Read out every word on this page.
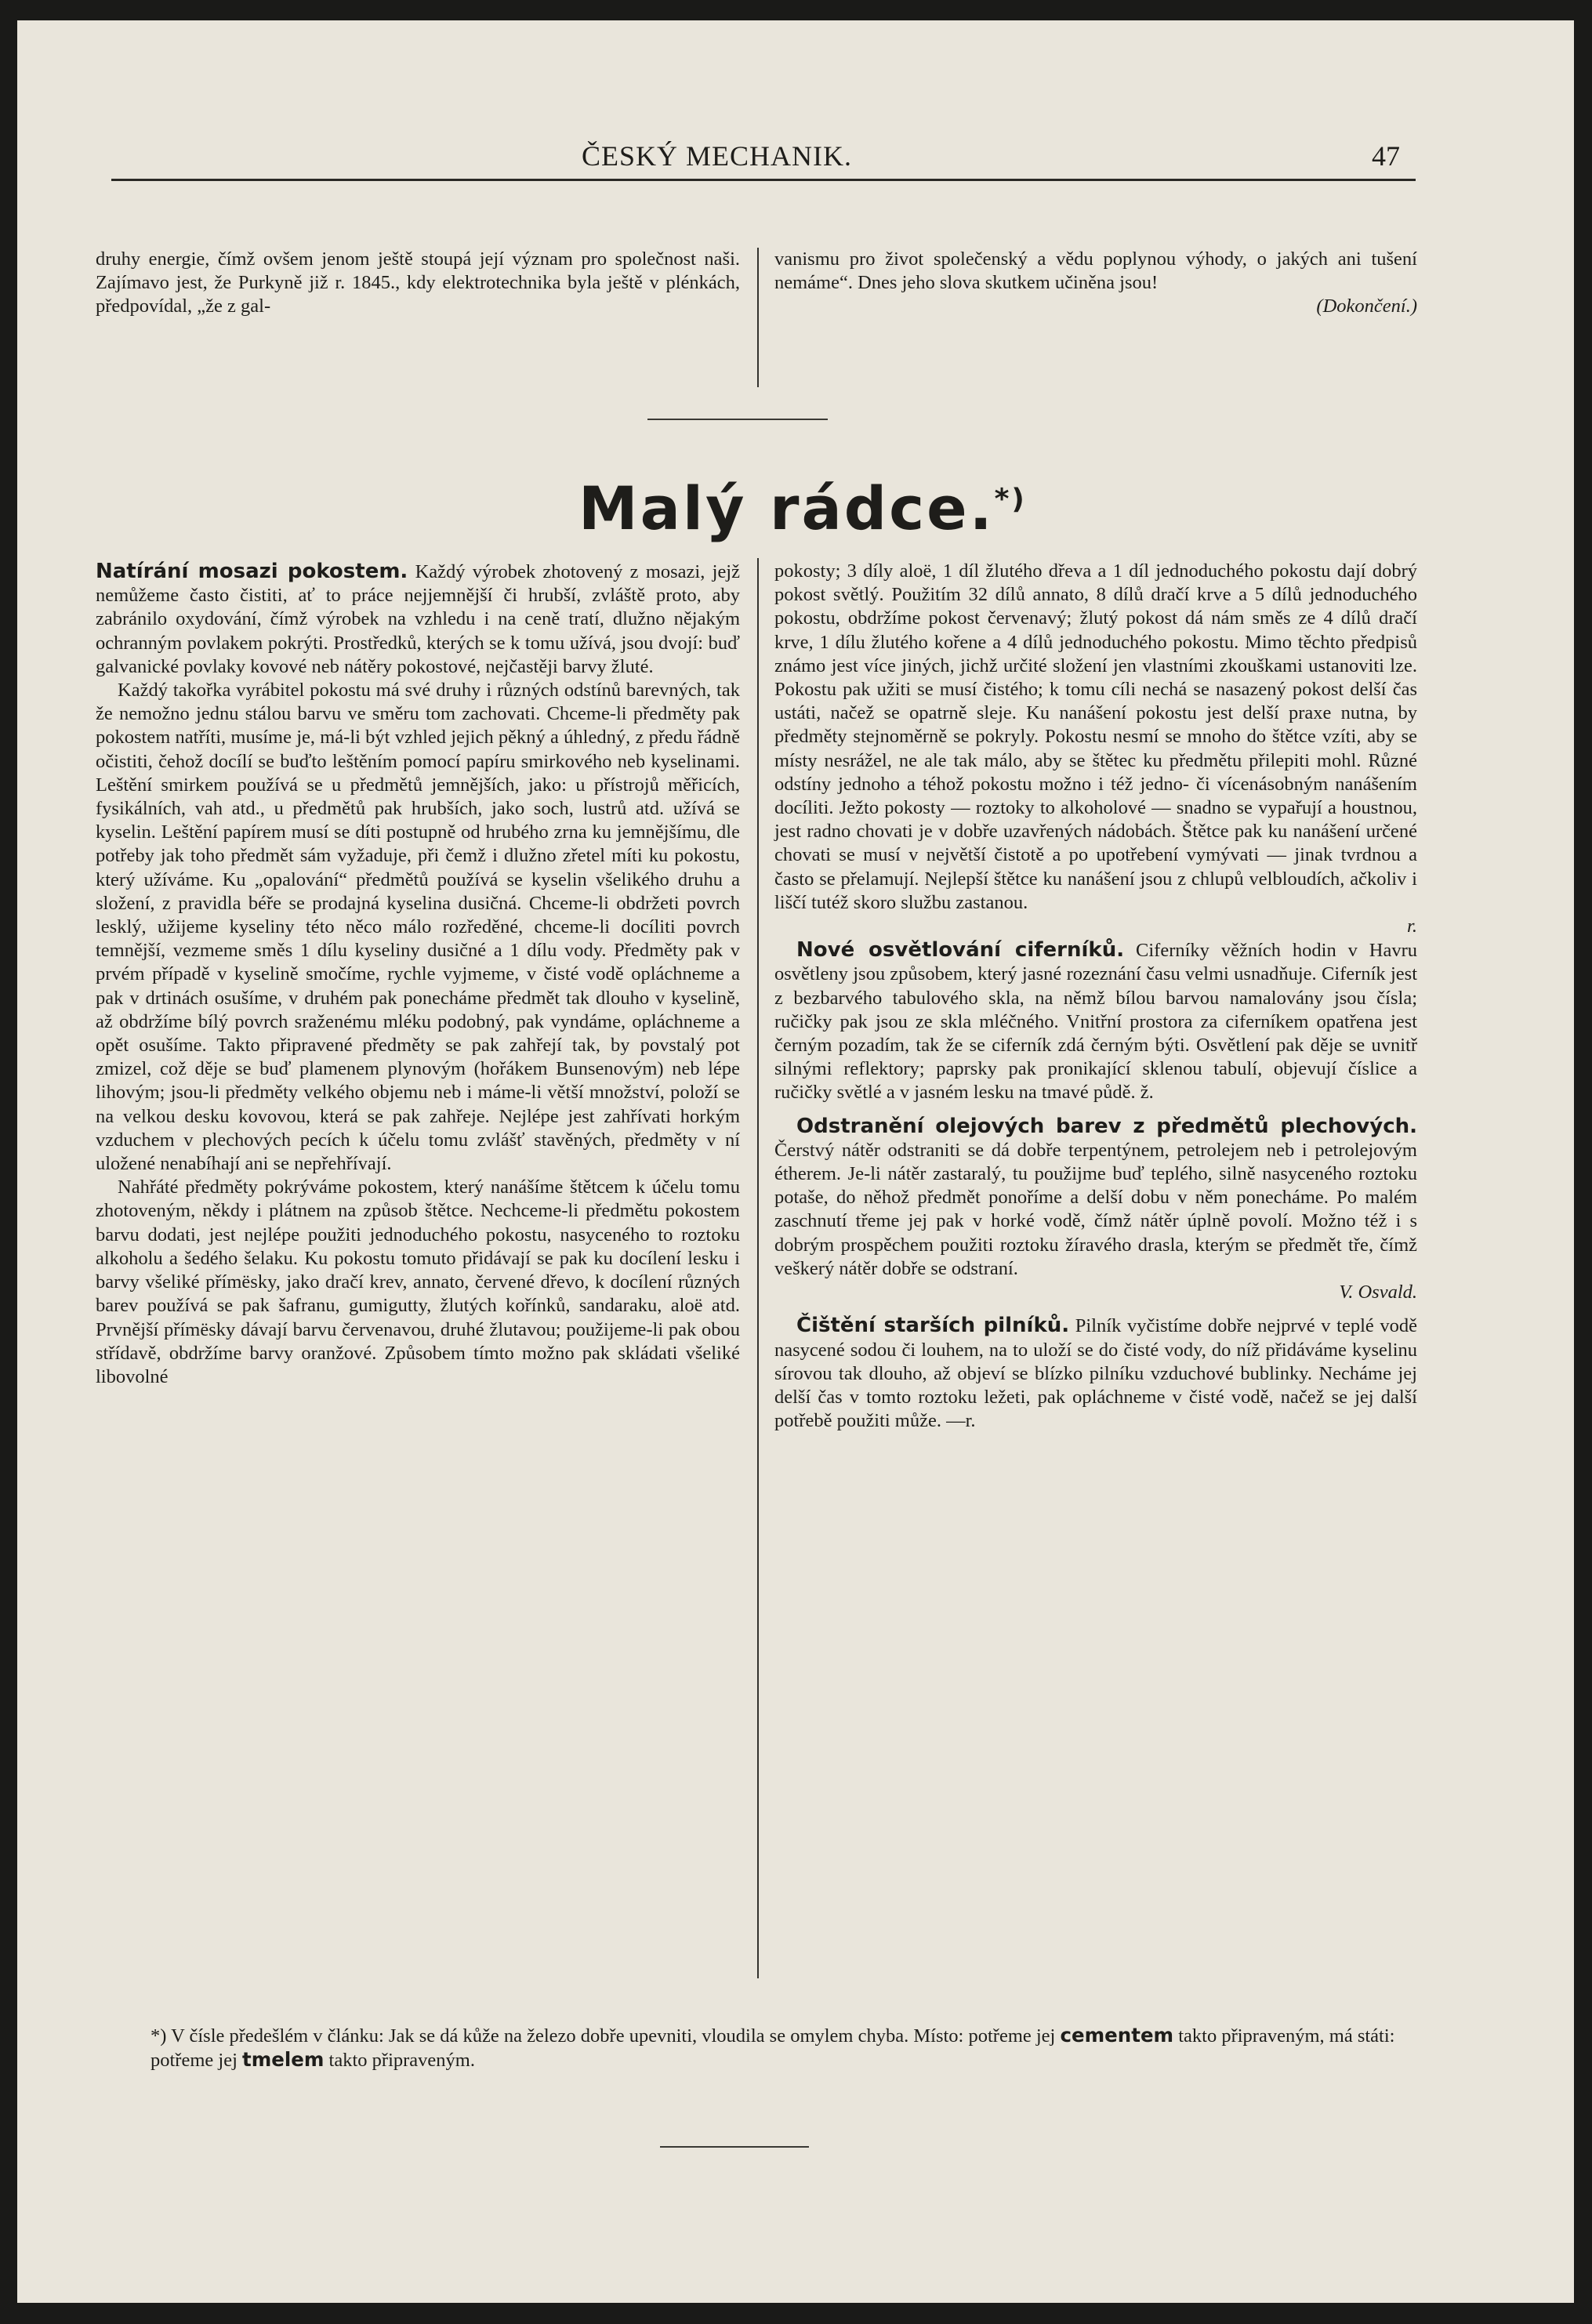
ČESKÝ MECHANIK.	47

druhy energie, čímž ovšem jenom ještě stoupá její význam pro společnost naši. Zajímavo jest, že Purkyně již r. 1845., kdy elektrotechnika byla ještě v plénkách, předpovídal, „že z gal-

vanismu pro život společenský a vědu poplynou výhody, o jakých ani tušení nemáme“. Dnes jeho slova skutkem učiněna jsou!

(Dokončení.)

Malý rádce.*)

Natírání mosazi pokostem. Každý výrobek zhotovený z mosazi, jejž nemůžeme často čistiti, ať to práce nejjemnější či hrubší, zvláště proto, aby zabránilo oxydování, čímž výrobek na vzhledu i na ceně tratí, dlužno nějakým ochranným povlakem pokrýti. Prostředků, kterých se k tomu užívá, jsou dvojí: buď galvanické povlaky kovové neb nátěry pokostové, nejčastěji barvy žluté.

Každý takořka vyrábitel pokostu má své druhy i různých odstínů barevných, tak že nemožno jednu stálou barvu ve směru tom zachovati. Chceme-li předměty pak pokostem natříti, musíme je, má-li být vzhled jejich pěkný a úhledný, z předu řádně očistiti, čehož docílí se buďto leštěním pomocí papíru smirkového neb kyselinami. Leštění smirkem používá se u předmětů jemnějších, jako: u přístrojů měřicích, fysikálních, vah atd., u předmětů pak hrubších, jako soch, lustrů atd. užívá se kyselin. Leštění papírem musí se díti postupně od hrubého zrna ku jemnějšímu, dle potřeby jak toho předmět sám vyžaduje, při čemž i dlužno zřetel míti ku pokostu, který užíváme. Ku „opalování“ předmětů používá se kyselin všelikého druhu a složení, z pravidla béře se prodajná kyselina dusičná. Chceme-li obdržeti povrch lesklý, užijeme kyseliny této něco málo rozředěné, chceme-li docíliti povrch temnější, vezmeme směs 1 dílu kyseliny dusičné a 1 dílu vody. Předměty pak v prvém případě v kyselině smočíme, rychle vyjmeme, v čisté vodě opláchneme a pak v drtinách osušíme, v druhém pak ponecháme předmět tak dlouho v kyselině, až obdržíme bílý povrch sraženému mléku podobný, pak vyndáme, opláchneme a opět osušíme. Takto připravené předměty se pak zahřejí tak, by povstalý pot zmizel, což děje se buď plamenem plynovým (hořákem Bunsenovým) neb lépe lihovým; jsou-li předměty velkého objemu neb i máme-li větší množství, položí se na velkou desku kovovou, která se pak zahřeje. Nejlépe jest zahřívati horkým vzduchem v plechových pecích k účelu tomu zvlášť stavěných, předměty v ní uložené nenabíhají ani se nepřehřívají.

Nahřáté předměty pokrýváme pokostem, který nanášíme štětcem k účelu tomu zhotoveným, někdy i plátnem na způsob štětce. Nechceme-li předmětu pokostem barvu dodati, jest nejlépe použiti jednoduchého pokostu, nasyceného to roztoku alkoholu a šedého šelaku. Ku pokostu tomuto přidávají se pak ku docílení lesku i barvy všeliké přímësky, jako dračí krev, annato, červené dřevo, k docílení různých barev používá se pak šafranu, gumigutty, žlutých kořínků, sandaraku, aloë atd. Prvnější přímësky dávají barvu červenavou, druhé žlutavou; použijeme-li pak obou střídavě, obdržíme barvy oranžové. Způsobem tímto možno pak skládati všeliké libovolné

pokosty; 3 díly aloë, 1 díl žlutého dřeva a 1 díl jednoduchého pokostu dají dobrý pokost světlý. Použitím 32 dílů annato, 8 dílů dračí krve a 5 dílů jednoduchého pokostu, obdržíme pokost červenavý; žlutý pokost dá nám směs ze 4 dílů dračí krve, 1 dílu žlutého kořene a 4 dílů jednoduchého pokostu. Mimo těchto předpisů známo jest více jiných, jichž určité složení jen vlastními zkouškami ustanoviti lze. Pokostu pak užiti se musí čistého; k tomu cíli nechá se nasazený pokost delší čas ustáti, načež se opatrně sleje. Ku nanášení pokostu jest delší praxe nutna, by předměty stejnoměrně se pokryly. Pokostu nesmí se mnoho do štětce vzíti, aby se místy nesrážel, ne ale tak málo, aby se štětec ku předmětu přilepiti mohl. Různé odstíny jednoho a téhož pokostu možno i též jedno- či vícenásobným nanášením docíliti. Ježto pokosty — roztoky to alkoholové — snadno se vypařují a houstnou, jest radno chovati je v dobře uzavřených nádobách. Štětce pak ku nanášení určené chovati se musí v největší čistotě a po upotřebení vymývati — jinak tvrdnou a často se přelamují. Nejlepší štětce ku nanášení jsou z chlupů velbloudích, ačkoliv i liščí tutéž skoro službu zastanou.

r.

Nové osvětlování ciferníků. Ciferníky věžních hodin v Havru osvětleny jsou způsobem, který jasné rozeznání času velmi usnadňuje. Ciferník jest z bezbarvého tabulového skla, na němž bílou barvou namalovány jsou čísla; ručičky pak jsou ze skla mléčného. Vnitřní prostora za ciferníkem opatřena jest černým pozadím, tak že se ciferník zdá černým býti. Osvětlení pak děje se uvnitř silnými reflektory; paprsky pak pronikající sklenou tabulí, objevují číslice a ručičky světlé a v jasném lesku na tmavé půdě. ž.

Odstranění olejových barev z předmětů plechových. Čerstvý nátěr odstraniti se dá dobře terpentýnem, petrolejem neb i petrolejovým étherem. Je-li nátěr zastaralý, tu použijme buď teplého, silně nasyceného roztoku potaše, do něhož předmět ponoříme a delší dobu v něm ponecháme. Po malém zaschnutí třeme jej pak v horké vodě, čímž nátěr úplně povolí. Možno též i s dobrým prospěchem použiti roztoku žíravého drasla, kterým se předmět tře, čímž veškerý nátěr dobře se odstraní.

V. Osvald.

Čištění starších pilníků. Pilník vyčistíme dobře nejprvé v teplé vodě nasycené sodou či louhem, na to uloží se do čisté vody, do níž přidáváme kyselinu sírovou tak dlouho, až objeví se blízko pilníku vzduchové bublinky. Necháme jej delší čas v tomto roztoku ležeti, pak opláchneme v čisté vodě, načež se jej další potřebě použiti může. —r.

*) V čísle předešlém v článku: Jak se dá kůže na železo dobře upevniti, vloudila se omylem chyba. Místo: potřeme jej cementem takto připraveným, má státi: potřeme jej tmelem takto připraveným.
